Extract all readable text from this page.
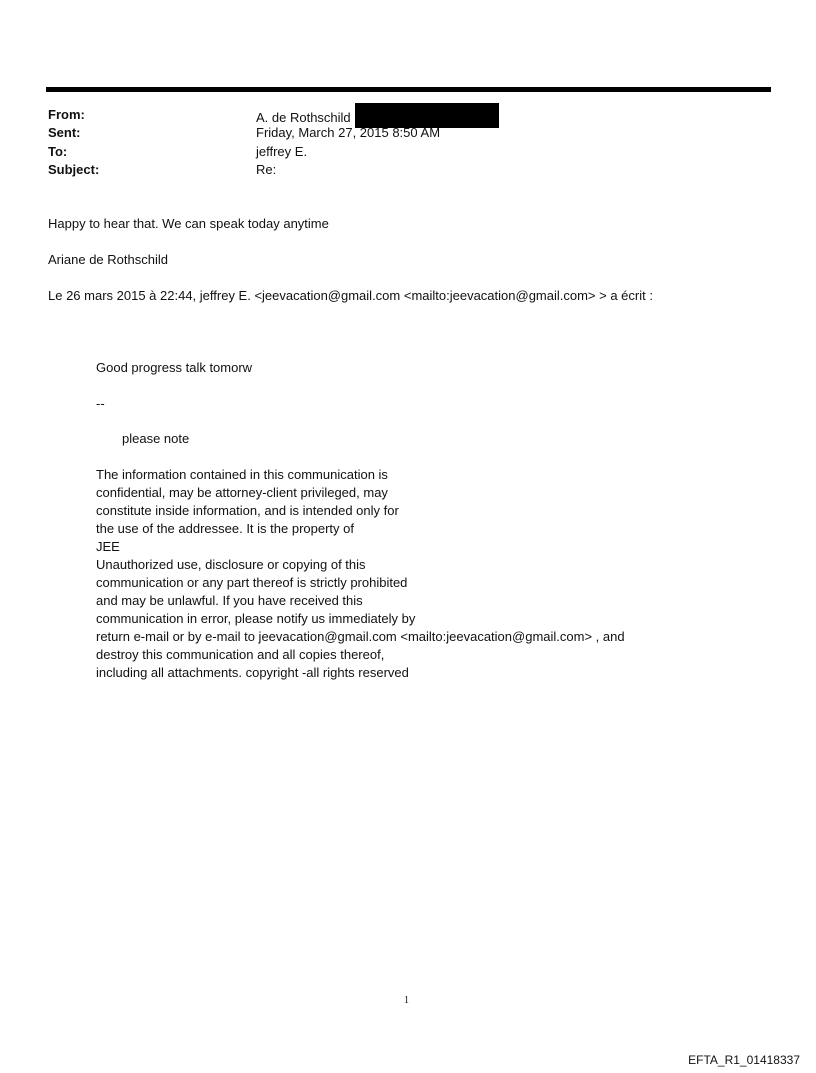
From:	A. de Rothschild
Sent:	Friday, March 27, 2015 8:50 AM
To:	jeffrey E.
Subject:	Re:
Happy to hear that. We can speak today anytime
Ariane de Rothschild
Le 26 mars 2015 à 22:44, jeffrey E. <jeevacation@gmail.com <mailto:jeevacation@gmail.com> > a écrit :
Good progress talk tomorw
--
please note
The information contained in this communication is
confidential, may be attorney-client privileged, may
constitute inside information, and is intended only for
the use of the addressee. It is the property of
JEE
Unauthorized use, disclosure or copying of this
communication or any part thereof is strictly prohibited
and may be unlawful. If you have received this
communication in error, please notify us immediately by
return e-mail or by e-mail to jeevacation@gmail.com <mailto:jeevacation@gmail.com> , and
destroy this communication and all copies thereof,
including all attachments. copyright -all rights reserved
1
EFTA_R1_01418337
